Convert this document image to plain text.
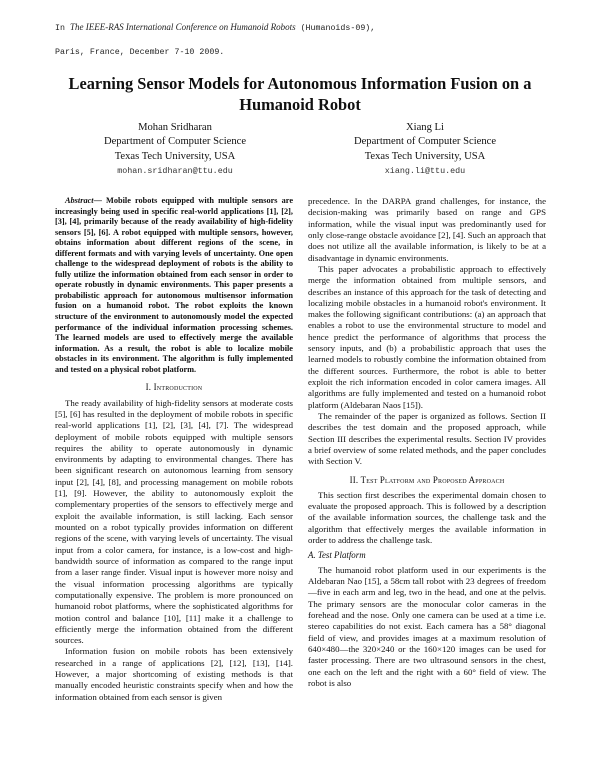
In The IEEE-RAS International Conference on Humanoid Robots (Humanoids-09),

Paris, France, December 7-10 2009.

Learning Sensor Models for Autonomous Information Fusion on a Humanoid Robot
Mohan Sridharan
Department of Computer Science
Texas Tech University, USA
mohan.sridharan@ttu.edu
Xiang Li
Department of Computer Science
Texas Tech University, USA
xiang.li@ttu.edu

Abstract— Mobile robots equipped with multiple sensors are increasingly being used in specific real-world applications [1], [2], [3], [4], primarily because of the ready availability of high-fidelity sensors [5], [6]. A robot equipped with multiple sensors, however, obtains information about different regions of the scene, in different formats and with varying levels of uncertainty. One open challenge to the widespread deployment of robots is the ability to fully utilize the information obtained from each sensor in order to operate robustly in dynamic environments. This paper presents a probabilistic approach for autonomous multisensor information fusion on a humanoid robot. The robot exploits the known structure of the environment to autonomously model the expected performance of the individual information processing schemes. The learned models are used to effectively merge the available information. As a result, the robot is able to localize mobile obstacles in its environment. The algorithm is fully implemented and tested on a physical robot platform.

I. Introduction

The ready availability of high-fidelity sensors at moderate costs [5], [6] has resulted in the deployment of mobile robots in specific real-world applications [1], [2], [3], [4], [7]. The widespread deployment of mobile robots equipped with multiple sensors requires the ability to operate autonomously in dynamic environments by adapting to environmental changes. There has been significant research on autonomous learning from sensory input [2], [4], [8], and processing management on mobile robots [1], [9]. However, the ability to autonomously exploit the complementary properties of the sensors to effectively merge and exploit the available information, is still lacking. Each sensor mounted on a robot typically provides information on different regions of the scene, with varying levels of uncertainty. The visual input from a color camera, for instance, is a low-cost and high-bandwidth source of information as compared to the range input from a laser range finder. Visual input is however more noisy and the visual information processing algorithms are typically computationally expensive. The problem is more pronounced on humanoid robot platforms, where the sophisticated algorithms for motion control and balance [10], [11] make it a challenge to efficiently merge the information obtained from the different sources.

Information fusion on mobile robots has been extensively researched in a range of applications [2], [12], [13], [14]. However, a major shortcoming of existing methods is that manually encoded heuristic constraints specify when and how the information obtained from each sensor is given

precedence. In the DARPA grand challenges, for instance, the decision-making was primarily based on range and GPS information, while the visual input was predominantly used for only close-range obstacle avoidance [2], [4]. Such an approach that does not utilize all the available information, is likely to be at a disadvantage in dynamic environments.

This paper advocates a probabilistic approach to effectively merge the information obtained from multiple sensors, and describes an instance of this approach for the task of detecting and localizing mobile obstacles in a humanoid robot's environment. It makes the following significant contributions: (a) an approach that enables a robot to use the environmental structure to model and hence predict the performance of algorithms that process the sensory inputs, and (b) a probabilistic approach that uses the learned models to robustly combine the information obtained from the different sources. Furthermore, the robot is able to better exploit the rich information encoded in color camera images. All algorithms are fully implemented and tested on a humanoid robot platform (Aldebaran Naos [15]).

The remainder of the paper is organized as follows. Section II describes the test domain and the proposed approach, while Section III describes the experimental results. Section IV provides a brief overview of some related methods, and the paper concludes with Section V.

II. Test Platform and Proposed Approach

This section first describes the experimental domain chosen to evaluate the proposed approach. This is followed by a description of the available information sources, the challenge task and the algorithm that effectively merges the available information in order to address the challenge task.

A. Test Platform

The humanoid robot platform used in our experiments is the Aldebaran Nao [15], a 58cm tall robot with 23 degrees of freedom—five in each arm and leg, two in the head, and one at the pelvis. The primary sensors are the monocular color cameras in the forehead and the nose. Only one camera can be used at a time i.e. stereo capabilities do not exist. Each camera has a 58° diagonal field of view, and provides images at a maximum resolution of 640×480—the 320×240 or the 160×120 images can be used for faster processing. There are two ultrasound sensors in the chest, one each on the left and the right with a 60° field of view. The robot is also
